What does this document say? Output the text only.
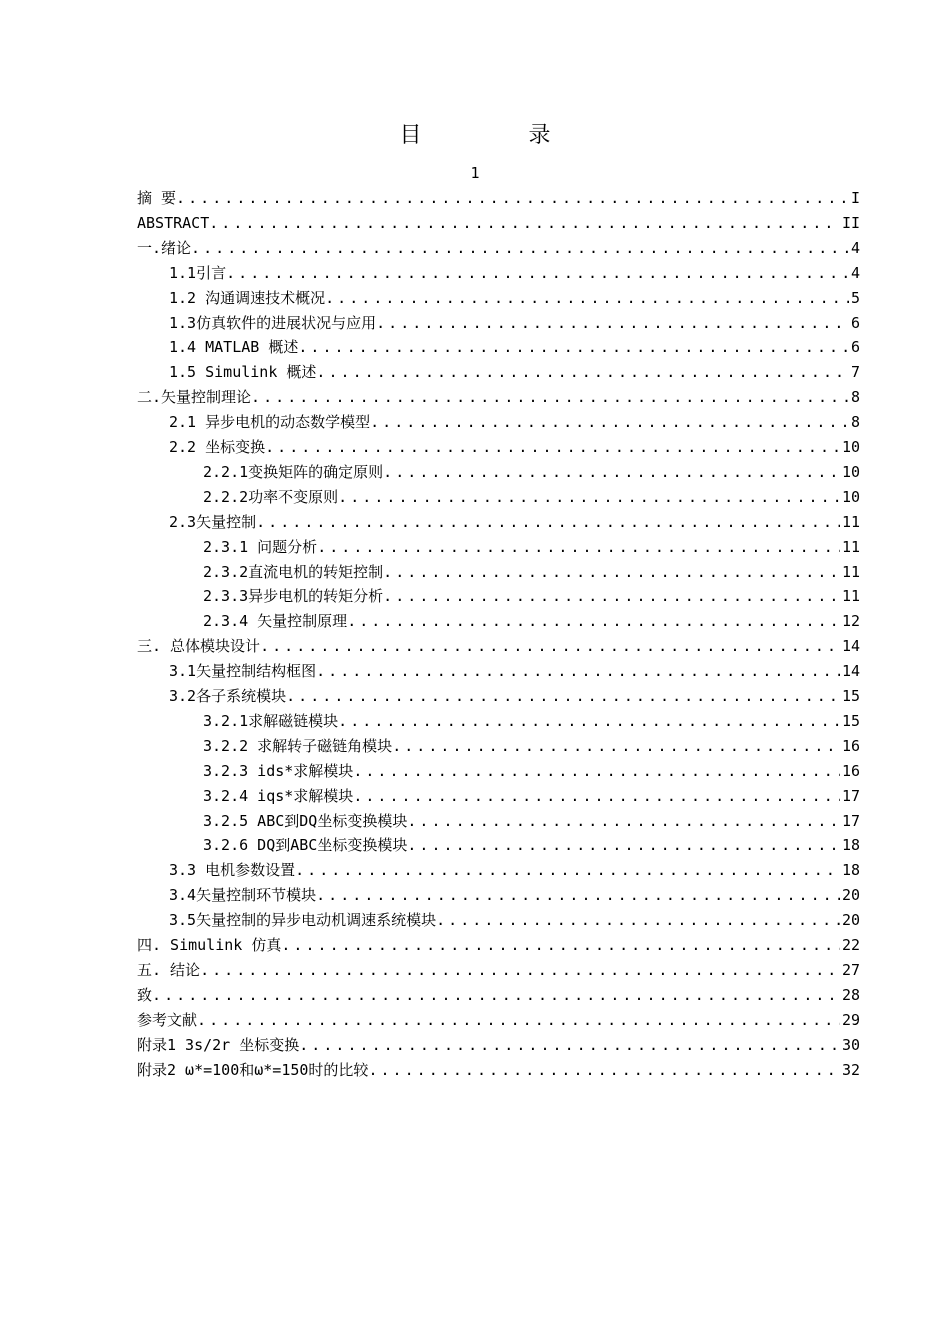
目 录
1
摘 要 . . .	I
ABSTRACT . . .	II
一.绪论 . . .	4
1.1引言 . . .	4
1.2 沟通调速技术概况 . . .	5
1.3仿真软件的进展状况与应用 . . .	6
1.4 MATLAB 概述 . . .	6
1.5 Simulink 概述 . . .	7
二.矢量控制理论 . . .	8
2.1 异步电机的动态数学模型 . . .	8
2.2 坐标变换 . . .	10
2.2.1变换矩阵的确定原则 . . .	10
2.2.2功率不变原则 . . .	10
2.3矢量控制 . . .	11
2.3.1 问题分析 . . .	11
2.3.2直流电机的转矩控制 . . .	11
2.3.3异步电机的转矩分析 . . .	11
2.3.4 矢量控制原理 . . .	12
三. 总体模块设计 . . .	14
3.1矢量控制结构框图 . . .	14
3.2各子系统模块 . . .	15
3.2.1求解磁链模块 . . .	15
3.2.2 求解转子磁链角模块 . . .	16
3.2.3 ids*求解模块 . . .	16
3.2.4 iqs*求解模块 . . .	17
3.2.5 ABC到DQ坐标变换模块 . . .	17
3.2.6 DQ到ABC坐标变换模块 . . .	18
3.3 电机参数设置 . . .	18
3.4矢量控制环节模块 . . .	20
3.5矢量控制的异步电动机调速系统模块 . . .	20
四. Simulink 仿真 . . .	22
五. 结论 . . .	27
致 . . .	28
参考文献 . . .	29
附录1 3s/2r 坐标变换 . . .	30
附录2 ω*=100和ω*=150时的比较 . . .	32
